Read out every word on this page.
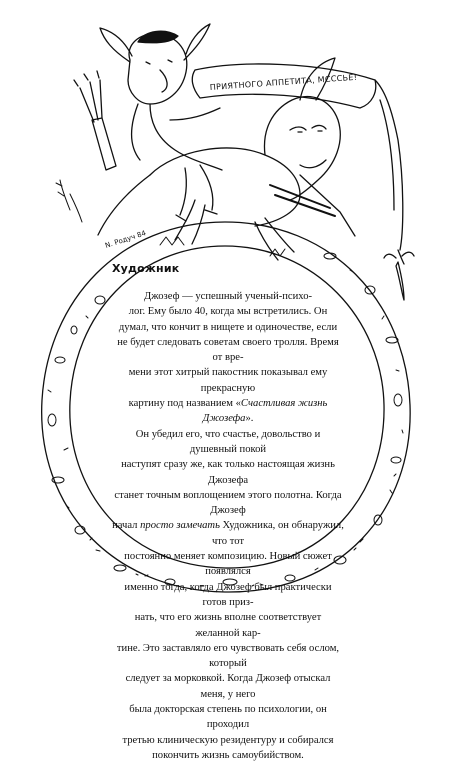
ПРИЯТНОГО АППЕТИТА, МСССЬЕ!
N. Родуч 84
Художник

Джозеф — успешный ученый-психо-
лог. Ему было 40, когда мы встретились. Он
думал, что кончит в нищете и одиночестве, если
не будет следовать советам своего тролля. Время от вре-
мени этот хитрый пакостник показывал ему прекрасную
картину под названием «Счастливая жизнь Джозефа».
Он убедил его, что счастье, довольство и душевный покой
наступят сразу же, как только настоящая жизнь Джозефа
станет точным воплощением этого полотна. Когда Джозеф
начал просто замечать Художника, он обнаружил, что тот
постоянно меняет композицию. Новый сюжет появлялся
именно тогда, когда Джозеф был практически готов приз-
нать, что его жизнь вполне соответствует желанной кар-
тине. Это заставляло его чувствовать себя ослом, который
следует за морковкой. Когда Джозеф отыскал меня, у него
была докторская степень по психологии, он проходил
третью клиническую резидентуру и собирался
покончить жизнь самоубийством.
